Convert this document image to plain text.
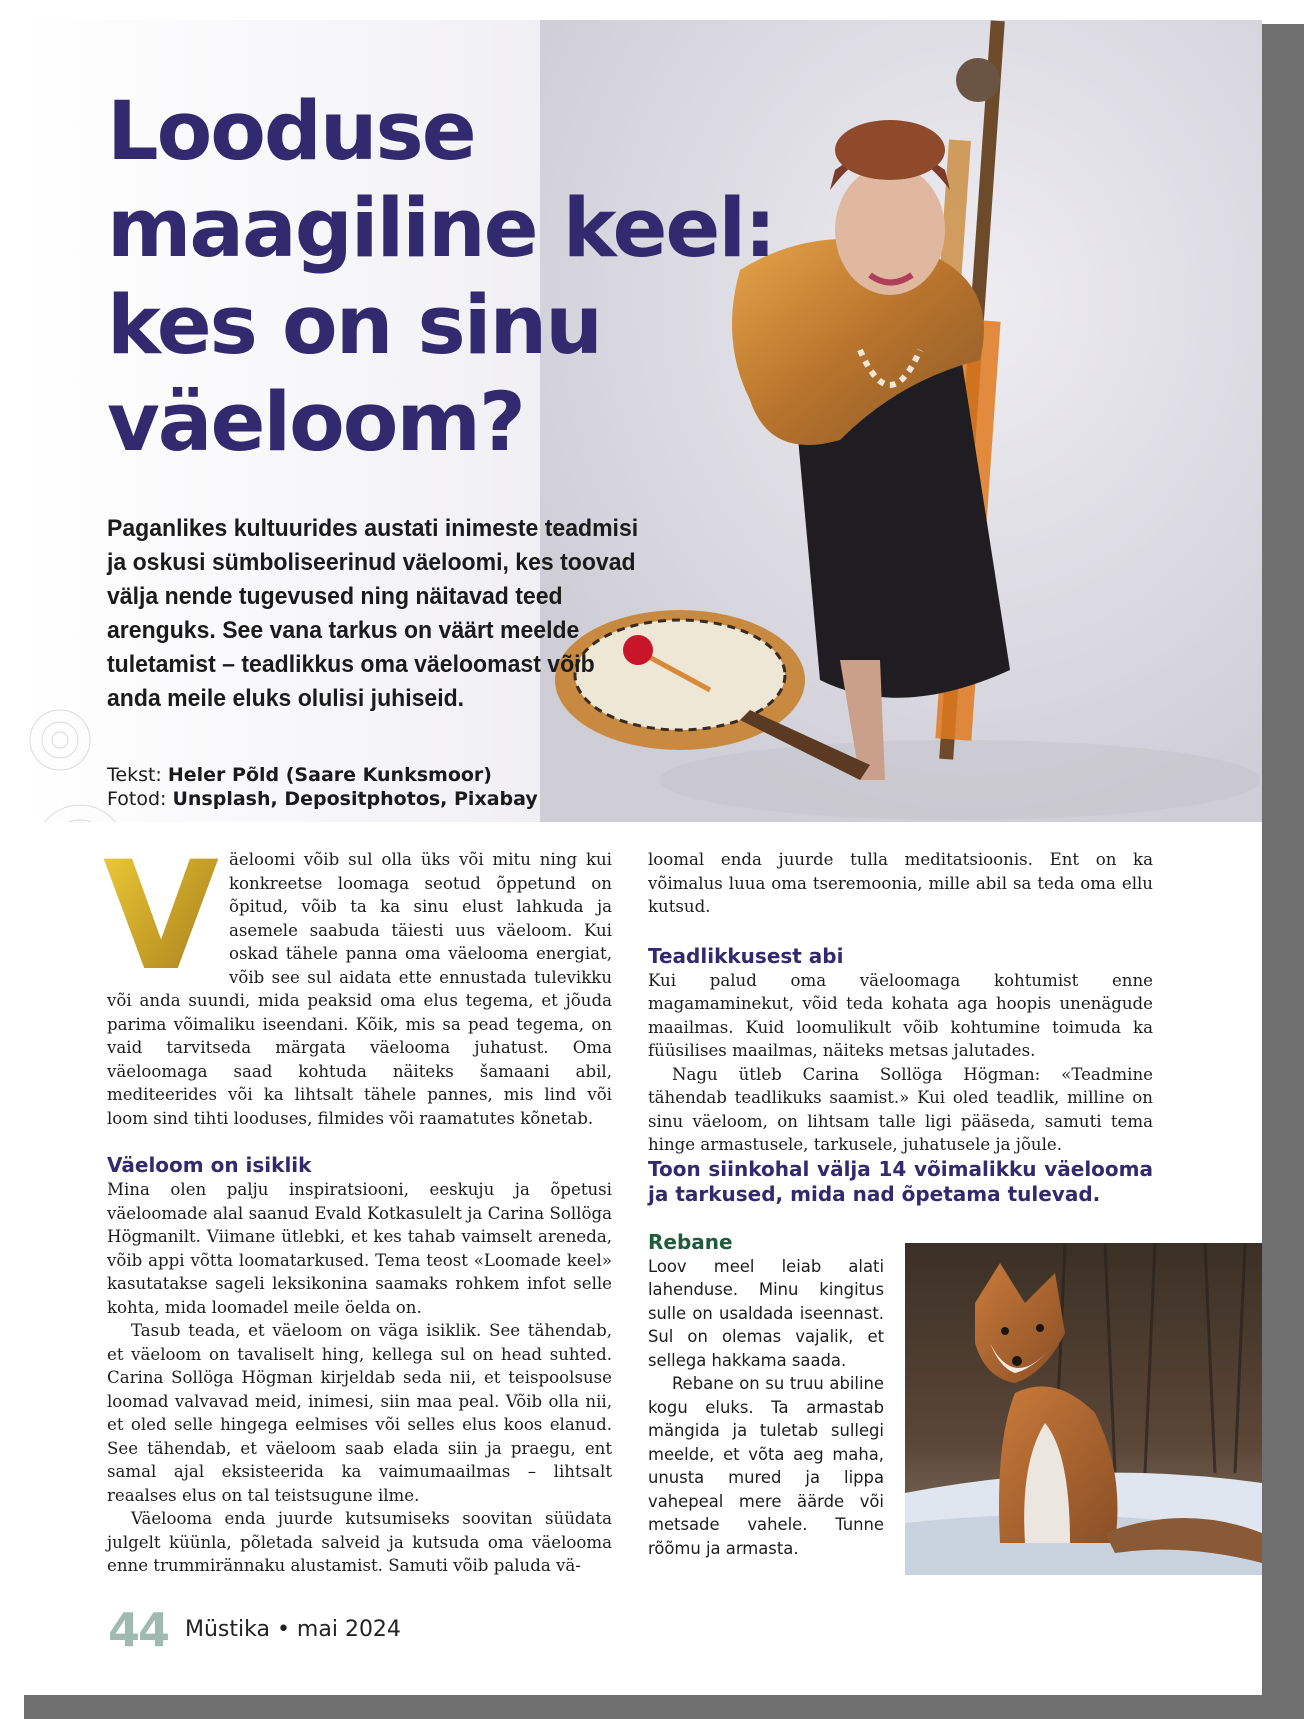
Looduse maagiline keel: kes on sinu väeloom?

Paganlikes kultuurides austati inimeste teadmisi ja oskusi sümboliseerinud väeloomi, kes toovad välja nende tugevused ning näitavad teed arenguks. See vana tarkus on väärt meelde tuletamist – teadlikkus oma väeloomast võib anda meile eluks olulisi juhiseid.

Tekst: Heler Põld (Saare Kunksmoor)
Fotod: Unsplash, Depositphotos, Pixabay
V äeloomi võib sul olla üks või mitu ning kui konkreetse loomaga seotud õppetund on õpitud, võib ta ka sinu elust lahkuda ja asemele saabuda täiesti uus väeloom. Kui oskad tähele panna oma väelooma energiat, võib see sul aidata ette ennustada tulevikku või anda suundi, mida peaksid oma elus tegema, et jõuda parima võimaliku iseendani. Kõik, mis sa pead tegema, on vaid tarvitseda märgata väelooma juhatust. Oma väeloomaga saad kohtuda näiteks šamaani abil, mediteerides või ka lihtsalt tähele pannes, mis lind või loom sind tihti looduses, filmides või raamatutes kõnetab.

Väeloom on isiklik

Mina olen palju inspiratsiooni, eeskuju ja õpetusi väeloomade alal saanud Evald Kotkasulelt ja Carina Sollöga Högmanilt. Viimane ütlebki, et kes tahab vaimselt areneda, võib appi võtta loomatarkused. Tema teost «Loomade keel» kasutatakse sageli leksikonina saamaks rohkem infot selle kohta, mida loomadel meile öelda on.

Tasub teada, et väeloom on väga isiklik. See tähendab, et väeloom on tavaliselt hing, kellega sul on head suhted. Carina Sollöga Högman kirjeldab seda nii, et teispoolsuse loomad valvavad meid, inimesi, siin maa peal. Võib olla nii, et oled selle hingega eelmises või selles elus koos elanud. See tähendab, et väeloom saab elada siin ja praegu, ent samal ajal eksisteerida ka vaimumaailmas – lihtsalt reaalses elus on tal teistsugune ilme.

Väelooma enda juurde kutsumiseks soovitan süüdata julgelt küünla, põletada salveid ja kutsuda oma väelooma enne trummirännaku alustamist. Samuti võib paluda vä-

loomal enda juurde tulla meditatsioonis. Ent on ka võimalus luua oma tseremoonia, mille abil sa teda oma ellu kutsud.

Teadlikkusest abi

Kui palud oma väeloomaga kohtumist enne magamaminekut, võid teda kohata aga hoopis unenägude maailmas. Kuid loomulikult võib kohtumine toimuda ka füüsilises maailmas, näiteks metsas jalutades.

Nagu ütleb Carina Sollöga Högman: «Teadmine tähendab teadlikuks saamist.» Kui oled teadlik, milline on sinu väeloom, on lihtsam talle ligi pääseda, samuti tema hinge armastusele, tarkusele, juhatusele ja jõule.

Toon siinkohal välja 14 võimalikku väelooma ja tarkused, mida nad õpetama tulevad.

Rebane

Loov meel leiab alati lahenduse. Minu kingitus sulle on usaldada iseennast. Sul on olemas vajalik, et sellega hakkama saada.

Rebane on su truu abiline kogu eluks. Ta armastab mängida ja tuletab sullegi meelde, et võta aeg maha, unusta mured ja lippa vahepeal mere äärde või metsade vahele. Tunne rõõmu ja armasta.

44 Müstika • mai 2024
